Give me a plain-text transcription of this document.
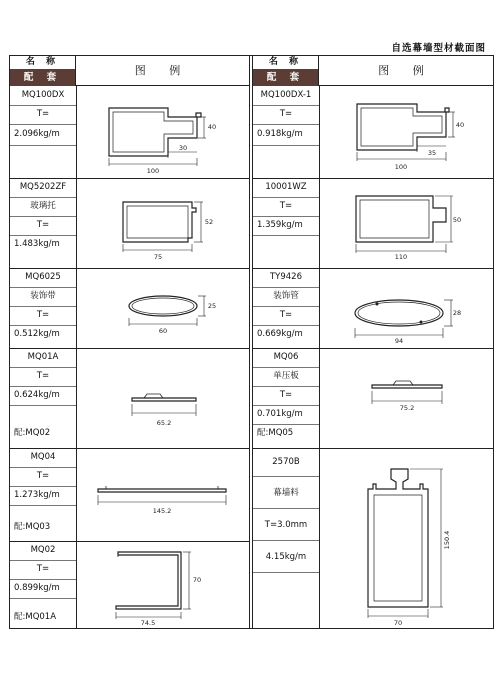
自选幕墙型材截面图
名 称
配 套
图 例
MQ100DX
T=
2.096kg/m
MQ5202ZF
玻璃托
T=
1.483kg/m
MQ6025
装饰带
T=
0.512kg/m
MQ01A
T=
0.624kg/m
配:MQ02
MQ04
T=
1.273kg/m
配:MQ03
MQ02
T=
0.899kg/m
配:MQ01A
100
30
40
75
52
60
25
65.2
145.2
74.5
70
名 称
配 套
图 例
MQ100DX-1
T=
0.918kg/m
10001WZ
T=
1.359kg/m
TY9426
装饰管
T=
0.669kg/m
MQ06
单压板
T=
0.701kg/m
配:MQ05
2570B
幕墙料
T=3.0mm
4.15kg/m
100
35
40
110
50
94
28
75.2
70
150.4
